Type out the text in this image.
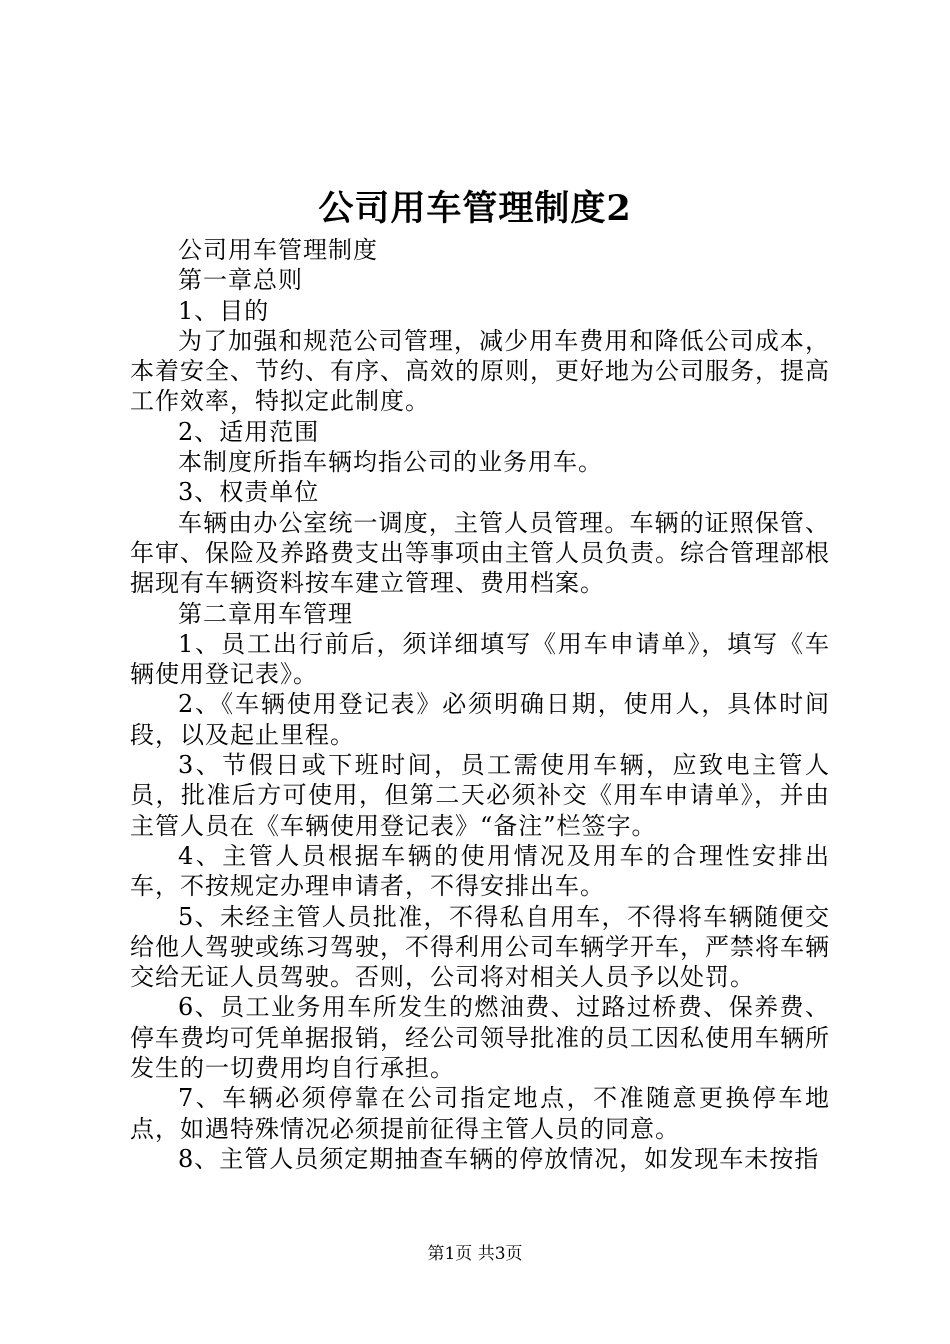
公司用车管理制度2

公司用车管理制度

第一章总则

1、目的

为了加强和规范公司管理，减少用车费用和降低公司成本，本着安全、节约、有序、高效的原则，更好地为公司服务，提高工作效率，特拟定此制度。

2、适用范围

本制度所指车辆均指公司的业务用车。

3、权责单位

车辆由办公室统一调度，主管人员管理。车辆的证照保管、年审、保险及养路费支出等事项由主管人员负责。综合管理部根据现有车辆资料按车建立管理、费用档案。

第二章用车管理

1、员工出行前后，须详细填写《用车申请单》，填写《车辆使用登记表》。

2、《车辆使用登记表》必须明确日期，使用人，具体时间段，以及起止里程。

3、节假日或下班时间，员工需使用车辆，应致电主管人员，批准后方可使用，但第二天必须补交《用车申请单》，并由主管人员在《车辆使用登记表》“备注”栏签字。

4、主管人员根据车辆的使用情况及用车的合理性安排出车，不按规定办理申请者，不得安排出车。

5、未经主管人员批准，不得私自用车，不得将车辆随便交给他人驾驶或练习驾驶，不得利用公司车辆学开车，严禁将车辆交给无证人员驾驶。否则，公司将对相关人员予以处罚。

6、员工业务用车所发生的燃油费、过路过桥费、保养费、停车费均可凭单据报销，经公司领导批准的员工因私使用车辆所发生的一切费用均自行承担。

7、车辆必须停靠在公司指定地点，不准随意更换停车地点，如遇特殊情况必须提前征得主管人员的同意。

8、主管人员须定期抽查车辆的停放情况，如发现车未按指

第1页 共3页
